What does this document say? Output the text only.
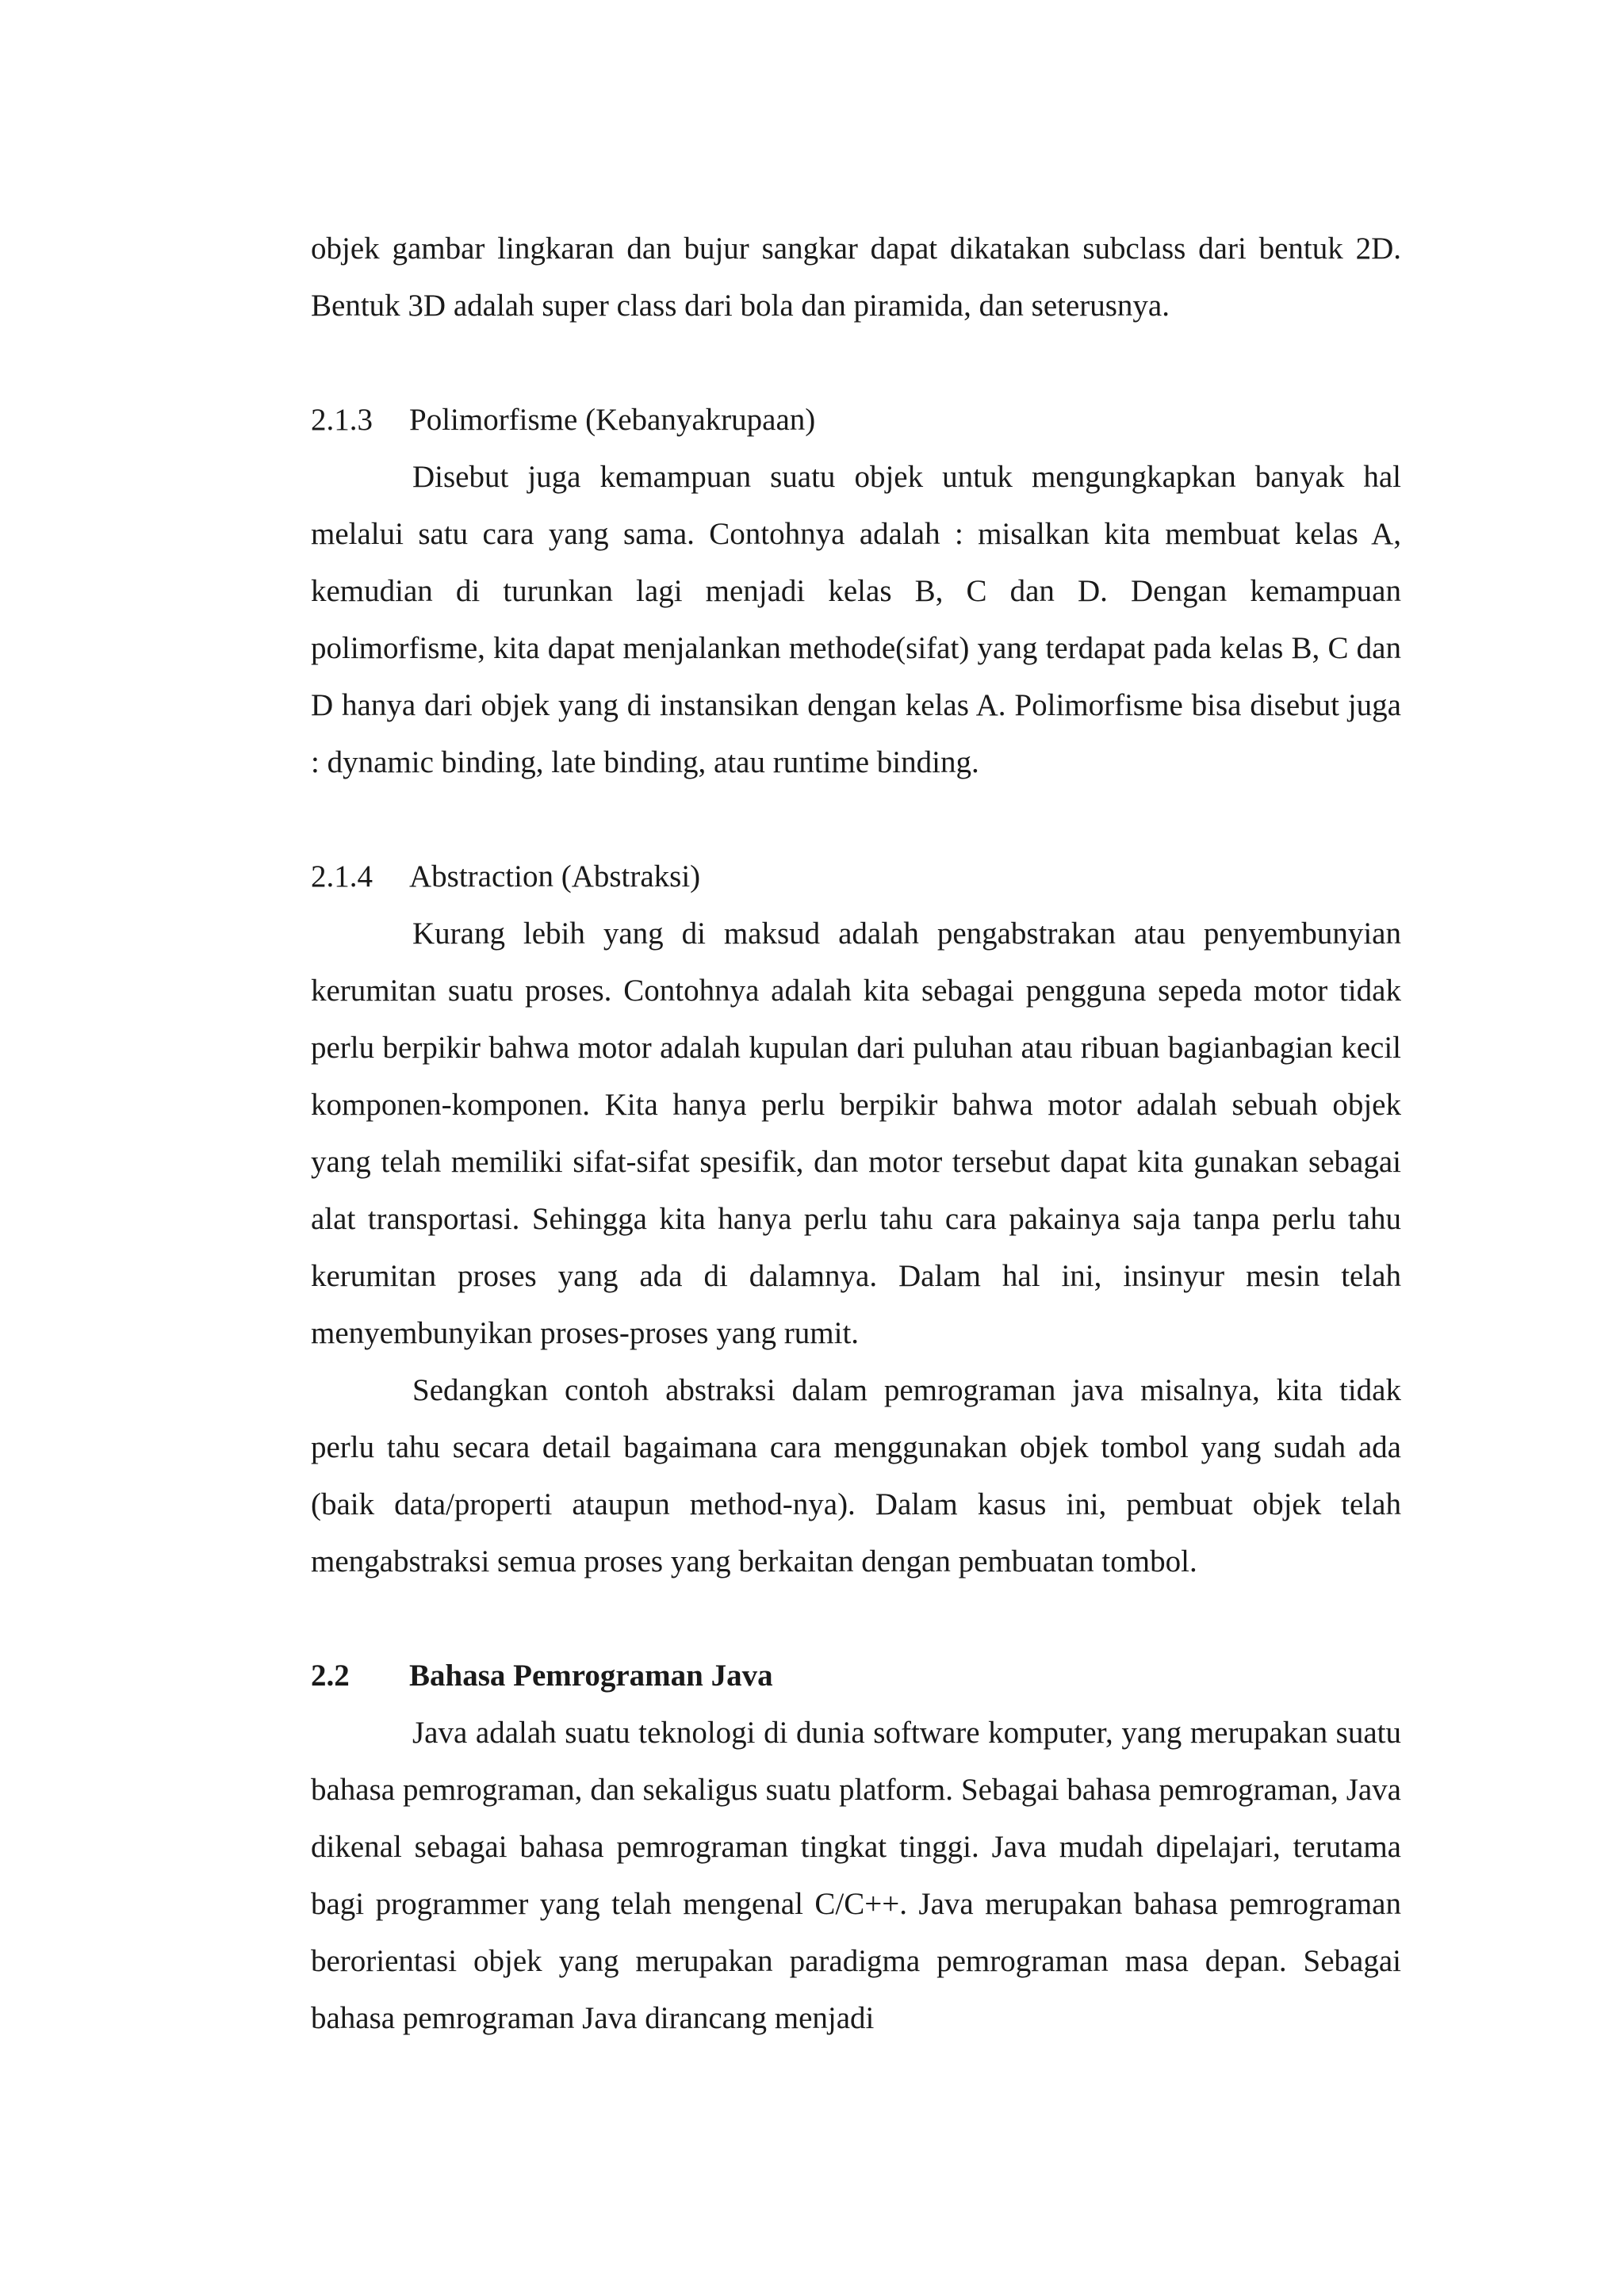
objek gambar lingkaran dan bujur sangkar dapat dikatakan subclass dari bentuk 2D. Bentuk 3D adalah super class dari bola dan piramida, dan seterusnya.

2.1.3	Polimorfisme (Kebanyakrupaan)

Disebut juga kemampuan suatu objek untuk mengungkapkan banyak hal melalui satu cara yang sama. Contohnya adalah : misalkan kita membuat kelas A, kemudian di turunkan lagi menjadi kelas B, C dan D. Dengan kemampuan polimorfisme, kita dapat menjalankan methode(sifat) yang terdapat pada kelas B, C dan D hanya dari objek yang di instansikan dengan kelas A. Polimorfisme bisa disebut juga : dynamic binding, late binding, atau runtime binding.

2.1.4	Abstraction (Abstraksi)

Kurang lebih yang di maksud adalah pengabstrakan atau penyembunyian kerumitan suatu proses. Contohnya adalah kita sebagai pengguna sepeda motor tidak perlu berpikir bahwa motor adalah kupulan dari puluhan atau ribuan bagianbagian kecil komponen-komponen. Kita hanya perlu berpikir bahwa motor adalah sebuah objek yang telah memiliki sifat-sifat spesifik, dan motor tersebut dapat kita gunakan sebagai alat transportasi. Sehingga kita hanya perlu tahu cara pakainya saja tanpa perlu tahu kerumitan proses yang ada di dalamnya. Dalam hal ini, insinyur mesin telah menyembunyikan proses-proses yang rumit.

Sedangkan contoh abstraksi dalam pemrograman java misalnya, kita tidak perlu tahu secara detail bagaimana cara menggunakan objek tombol yang sudah ada (baik data/properti ataupun method-nya). Dalam kasus ini, pembuat objek telah mengabstraksi semua proses yang berkaitan dengan pembuatan tombol.

2.2	Bahasa Pemrograman Java

Java adalah suatu teknologi di dunia software komputer, yang merupakan suatu bahasa pemrograman, dan sekaligus suatu platform. Sebagai bahasa pemrograman, Java dikenal sebagai bahasa pemrograman tingkat tinggi. Java mudah dipelajari, terutama bagi programmer yang telah mengenal C/C++. Java merupakan bahasa pemrograman berorientasi objek yang merupakan paradigma pemrograman masa depan. Sebagai bahasa pemrograman Java dirancang menjadi
